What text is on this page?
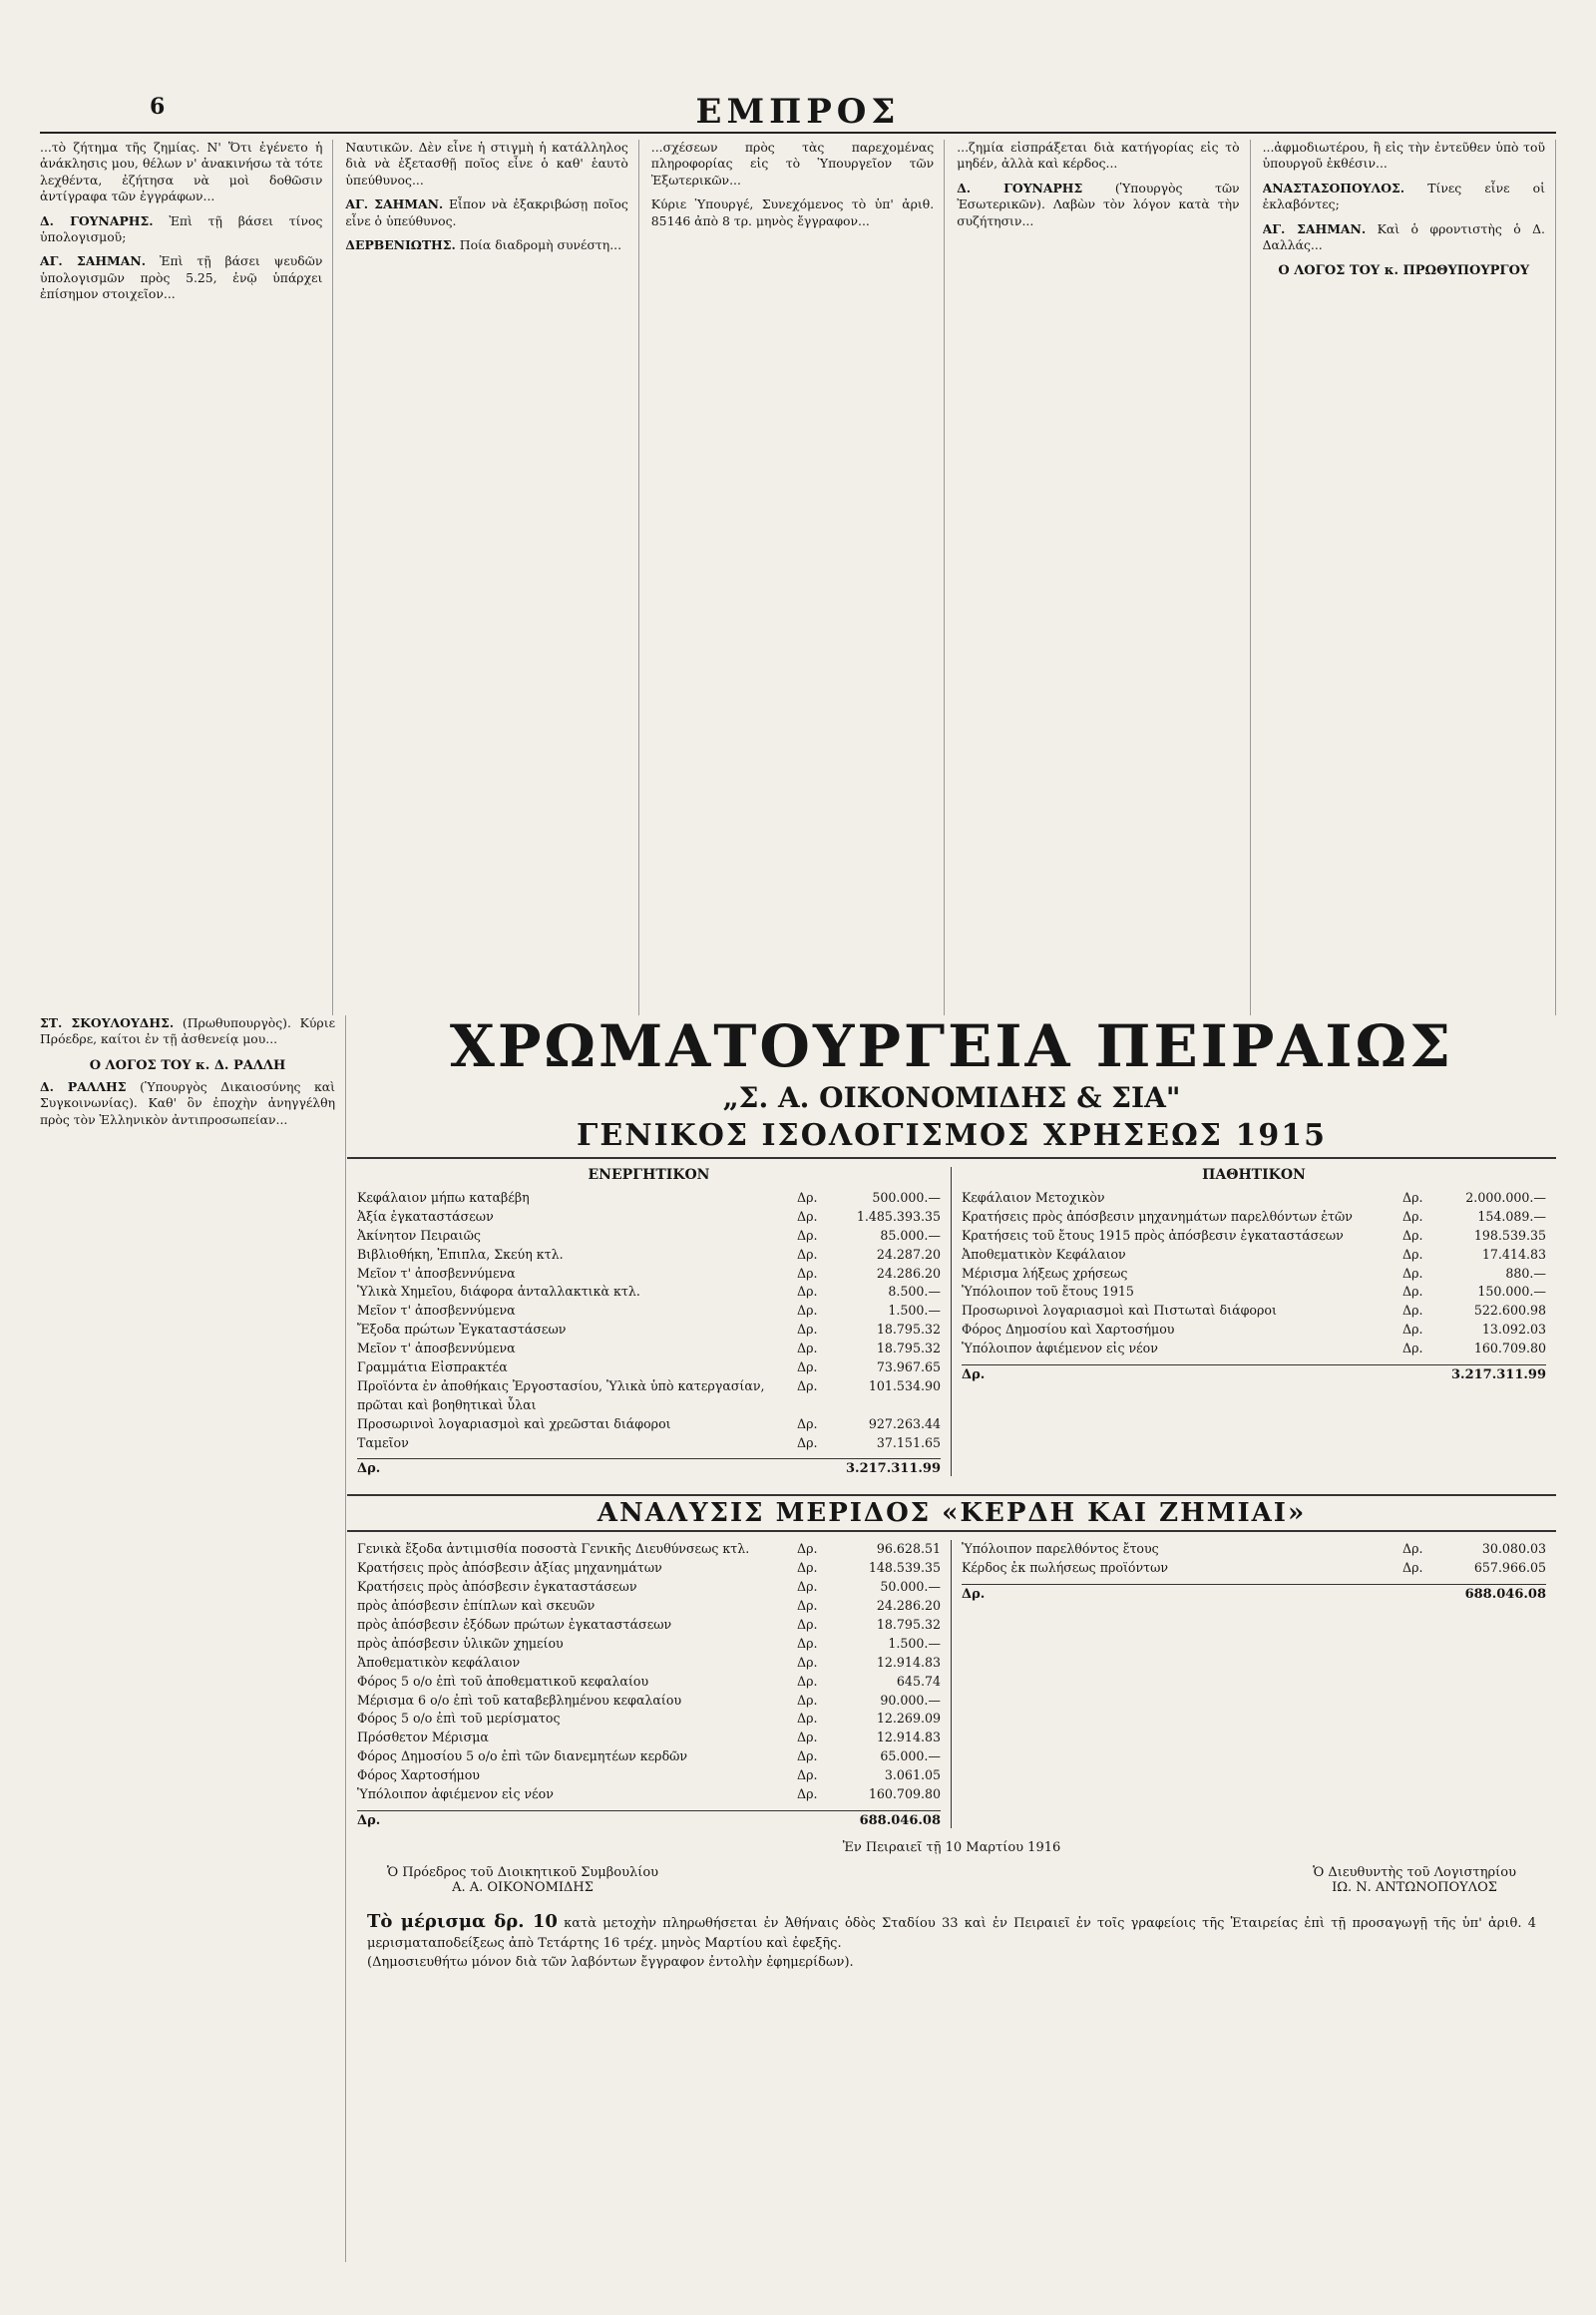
6	ΕΜΠΡΟΣ

...τὸ ζήτημα τῆς ζημίας. Ν' Ὅτι ἐγένετο ἡ ἀνάκλησις μου, θέλων ν' ἀνακινήσω τὰ τότε λεχθέντα, ἐζήτησα νὰ μοὶ δοθῶσιν ἀντίγραφα τῶν ἐγγράφων...

Δ. ΓΟΥΝΑΡΗΣ. Ἐπὶ τῇ βάσει τίνος ὑπολογισμοῦ;

ΑΓ. ΣΑΗΜΑΝ. Ἐπὶ τῇ βάσει ψευδῶν ὑπολογισμῶν πρὸς 5.25, ἐνῷ ὑπάρχει ἐπίσημον στοιχεῖον...

Ναυτικῶν. Δὲν εἶνε ἡ στιγμὴ ἡ κατάλληλος διὰ νὰ ἐξετασθῇ ποῖος εἶνε ὁ καθ' ἑαυτὸ ὑπεύθυνος...

ΑΓ. ΣΑΗΜΑΝ. Εἶπον νὰ ἐξακριβώσῃ ποῖος εἶνε ὁ ὑπεύθυνος.

ΔΕΡΒΕΝΙΩΤΗΣ. Ποία διαδρομὴ συνέστη...

...σχέσεων πρὸς τὰς παρεχομένας πληροφορίας εἰς τὸ Ὑπουργεῖον τῶν Ἐξωτερικῶν...

Κύριε Ὑπουργέ, Συνεχόμενος τὸ ὑπ' ἀριθ. 85146 ἀπὸ 8 τρ. μηνὸς ἔγγραφον...

...ζημία εἰσπράξεται διὰ κατήγορίας εἰς τὸ μηδέν, ἀλλὰ καὶ κέρδος...

Δ. ΓΟΥΝΑΡΗΣ	(Ὑπουργὸς τῶν Ἐσωτερικῶν). Λαβὼν τὸν λόγον κατὰ τὴν συζήτησιν...

...ἀφμοδιωτέρου, ἢ εἰς τὴν ἐντεῦθεν ὑπὸ τοῦ ὑπουργοῦ ἐκθέσιν...

ΑΝΑΣΤΑΣΟΠΟΥΛΟΣ. Τίνες εἶνε οἱ ἐκλαβόντες;

ΑΓ. ΣΑΗΜΑΝ. Καὶ ὁ φροντιστὴς ὁ Δ. Δαλλάς...

Ο ΛΟΓΟΣ ΤΟΥ κ. ΠΡΩΘΥΠΟΥΡΓΟΥ

ΣΤ. ΣΚΟΥΛΟΥΔΗΣ. (Πρωθυπουργὸς). Κύριε Πρόεδρε, καίτοι ἐν τῇ ἀσθενείᾳ μου...

Ο ΛΟΓΟΣ ΤΟΥ κ. Δ. ΡΑΛΛΗ

Δ. ΡΑΛΛΗΣ (Ὑπουργὸς Δικαιοσύνης καὶ Συγκοινωνίας). Καθ' ὃν ἐποχὴν ἀνηγγέλθη πρὸς τὸν Ἑλληνικὸν ἀντιπροσωπείαν...

ΧΡΩΜΑΤΟΥΡΓΕΙΑ ΠΕΙΡΑΙΩΣ
„Σ. Α. ΟΙΚΟΝΟΜΙΔΗΣ & ΣΙΑ"
ΓΕΝΙΚΟΣ ΙΣΟΛΟΓΙΣΜΟΣ ΧΡΗΣΕΩΣ 1915
ΕΝΕΡΓΗΤΙΚΟΝ
Κεφάλαιον μήπω καταβέβη	Δρ.	500.000.—
Ἀξία ἐγκαταστάσεων	Δρ.	1.485.393.35
Ἀκίνητον Πειραιῶς	Δρ.	85.000.—
Βιβλιοθήκη, Ἐπιπλα, Σκεύη κτλ.	Δρ.	24.287.20
Μεῖον τ' ἀποσβεννύμενα	Δρ.	24.286.20
Ὑλικὰ Χημεῖου, διάφορα ἀνταλλακτικὰ κτλ.	Δρ.	8.500.—
Μεῖον τ' ἀποσβεννύμενα	Δρ.	1.500.—
Ἔξοδα πρώτων Ἐγκαταστάσεων	Δρ.	18.795.32
Μεῖον τ' ἀποσβεννύμενα	Δρ.	18.795.32
Γραμμάτια Εἰσπρακτέα	Δρ.	73.967.65
Προϊόντα ἐν ἀποθήκαις Ἐργοστασίου, Ὑλικὰ ὑπὸ κατεργασίαν, πρῶται καὶ βοηθητικαὶ ὗλαι
Δρ.	101.534.90
Προσωρινοὶ λογαριασμοὶ καὶ χρεῶσται διάφοροι	Δρ.	927.263.44
Ταμεῖον	Δρ.	37.151.65
Δρ.	3.217.311.99
ΠΑΘΗΤΙΚΟΝ
Κεφάλαιον Μετοχικὸν	Δρ.	2.000.000.—
Κρατήσεις πρὸς ἀπόσβεσιν μηχανημάτων παρελθόντων ἐτῶν	Δρ.	154.089.—
Κρατήσεις τοῦ ἔτους 1915 πρὸς ἀπόσβεσιν ἐγκαταστάσεων	Δρ.	198.539.35
Ἀποθεματικὸν Κεφάλαιον	Δρ.	17.414.83
Μέρισμα λήξεως χρήσεως	Δρ.	880.—
Ὑπόλοιπον τοῦ ἔτους 1915	Δρ.	150.000.—
Προσωρινοὶ λογαριασμοὶ καὶ Πιστωταὶ διάφοροι	Δρ.	522.600.98
Φόρος Δημοσίου καὶ Χαρτοσήμου	Δρ.	13.092.03
Ὑπόλοιπον ἀφιέμενον εἰς νέον	Δρ.	160.709.80
Δρ.	3.217.311.99
ΑΝΑΛΥΣΙΣ ΜΕΡΙΔΟΣ «ΚΕΡΔΗ ΚΑΙ ΖΗΜΙΑΙ»
Γενικὰ ἔξοδα ἀντιμισθία ποσοστὰ Γενικῆς Διευθύνσεως κτλ.	Δρ.	96.628.51
Κρατήσεις πρὸς ἀπόσβεσιν ἀξίας μηχανημάτων	Δρ.	148.539.35
Κρατήσεις πρὸς ἀπόσβεσιν ἐγκαταστάσεων	Δρ.	50.000.—
πρὸς ἀπόσβεσιν ἐπίπλων καὶ σκευῶν	Δρ.	24.286.20
πρὸς ἀπόσβεσιν ἐξόδων πρώτων ἐγκαταστάσεων	Δρ.	18.795.32
πρὸς ἀπόσβεσιν ὑλικῶν χημείου	Δρ.	1.500.—
Ἀποθεματικὸν κεφάλαιον	Δρ.	12.914.83
Φόρος 5 ο/ο ἐπὶ τοῦ ἀποθεματικοῦ κεφαλαίου	Δρ.	645.74
Μέρισμα 6 ο/ο ἐπὶ τοῦ καταβεβλημένου κεφαλαίου	Δρ.	90.000.—
Φόρος 5 ο/ο ἐπὶ τοῦ μερίσματος	Δρ.	12.269.09
Πρόσθετον Μέρισμα	Δρ.	12.914.83
Φόρος Δημοσίου 5 ο/ο ἐπὶ τῶν διανεμητέων κερδῶν	Δρ.	65.000.—
Φόρος Χαρτοσήμου	Δρ.	3.061.05
Ὑπόλοιπον ἀφιέμενον εἰς νέον	Δρ.	160.709.80
Δρ.	688.046.08
Ὑπόλοιπον παρελθόντος ἔτους	Δρ.	30.080.03
Κέρδος ἐκ πωλήσεως προϊόντων	Δρ.	657.966.05
Δρ.	688.046.08
Ἐν Πειραιεῖ τῇ 10 Μαρτίου 1916
Ὁ Πρόεδρος τοῦ Διοικητικοῦ Συμβουλίου
Α. Α. ΟΙΚΟΝΟΜΙΔΗΣ
Ὁ Διευθυντὴς τοῦ Λογιστηρίου
ΙΩ. Ν. ΑΝΤΩΝΟΠΟΥΛΟΣ
Τὸ μέρισμα δρ. 10 κατὰ μετοχὴν πληρωθήσεται ἐν Ἀθήναις ὁδὸς Σταδίου 33 καὶ ἐν Πειραιεῖ ἐν τοῖς γραφείοις τῆς Ἑταιρείας ἐπὶ τῇ προσαγωγῇ τῆς ὑπ' ἀριθ. 4 μερισματαποδείξεως ἀπὸ Τετάρτης 16 τρέχ. μηνὸς Μαρτίου καὶ ἐφεξῆς.
(Δημοσιευθήτω μόνον διὰ τῶν λαβόντων ἔγγραφον ἐντολὴν ἐφημερίδων).
